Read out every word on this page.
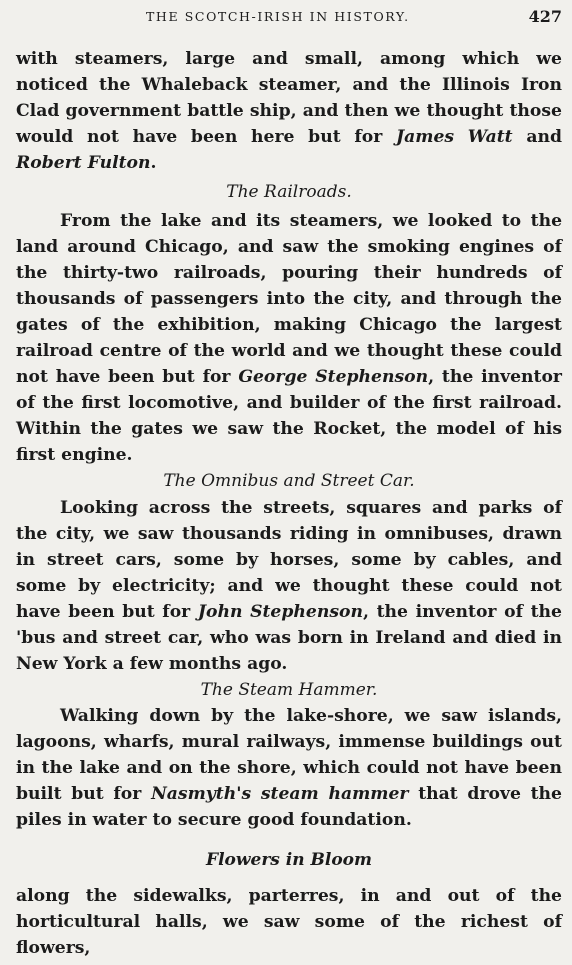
THE SCOTCH-IRISH IN HISTORY.	427

with steamers, large and small, among which we noticed the Whaleback steamer, and the Illinois Iron Clad government battle ship, and then we thought those would not have been here but for James Watt and Robert Fulton.

The Railroads.

From the lake and its steamers, we looked to the land around Chicago, and saw the smoking engines of the thirty-two railroads, pouring their hundreds of thousands of passengers into the city, and through the gates of the exhibition, making Chicago the largest railroad centre of the world and we thought these could not have been but for George Stephenson, the inventor of the first locomotive, and builder of the first railroad. Within the gates we saw the Rocket, the model of his first engine.

The Omnibus and Street Car.

Looking across the streets, squares and parks of the city, we saw thousands riding in omnibuses, drawn in street cars, some by horses, some by cables, and some by electricity; and we thought these could not have been but for John Stephenson, the inventor of the 'bus and street car, who was born in Ireland and died in New York a few months ago.

The Steam Hammer.

Walking down by the lake-shore, we saw islands, lagoons, wharfs, mural railways, immense buildings out in the lake and on the shore, which could not have been built but for Nasmyth's steam hammer that drove the piles in water to secure good foundation.

Flowers in Bloom

along the sidewalks, parterres, in and out of the horticultural halls, we saw some of the richest of flowers,
